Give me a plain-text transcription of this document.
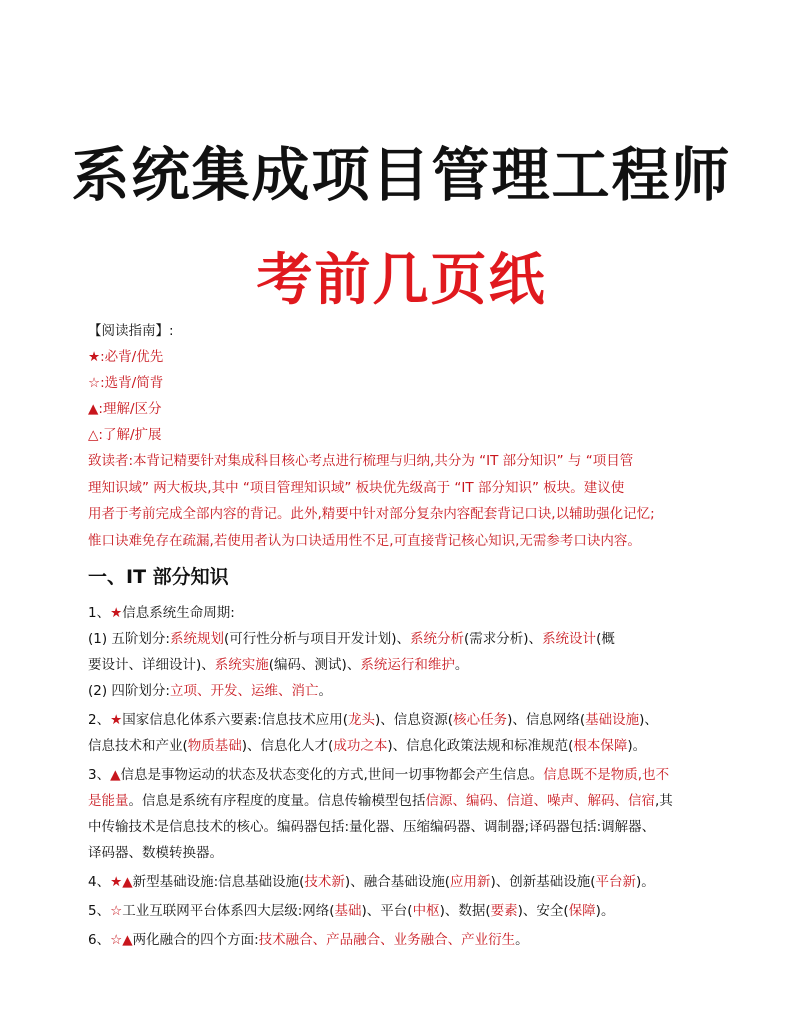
系统集成项目管理工程师
考前几页纸
【阅读指南】:
★:必背/优先
☆:选背/简背
▲:理解/区分
△:了解/扩展
致读者:本背记精要针对集成科目核心考点进行梳理与归纳,共分为 “IT 部分知识” 与 “项目管
理知识域” 两大板块,其中 “项目管理知识域” 板块优先级高于 “IT 部分知识” 板块。建议使
用者于考前完成全部内容的背记。此外,精要中针对部分复杂内容配套背记口诀,以辅助强化记忆;
惟口诀难免存在疏漏,若使用者认为口诀适用性不足,可直接背记核心知识,无需参考口诀内容。
一、IT 部分知识
1、★信息系统生命周期:
(1) 五阶划分:系统规划(可行性分析与项目开发计划)、系统分析(需求分析)、系统设计(概
要设计、详细设计)、系统实施(编码、测试)、系统运行和维护。
(2) 四阶划分:立项、开发、运维、消亡。
2、★国家信息化体系六要素:信息技术应用(龙头)、信息资源(核心任务)、信息网络(基础设施)、
信息技术和产业(物质基础)、信息化人才(成功之本)、信息化政策法规和标准规范(根本保障)。
3、▲信息是事物运动的状态及状态变化的方式,世间一切事物都会产生信息。信息既不是物质,也不
是能量。信息是系统有序程度的度量。信息传输模型包括信源、编码、信道、噪声、解码、信宿,其
中传输技术是信息技术的核心。编码器包括:量化器、压缩编码器、调制器;译码器包括:调解器、
译码器、数模转换器。
4、★▲新型基础设施:信息基础设施(技术新)、融合基础设施(应用新)、创新基础设施(平台新)。
5、☆工业互联网平台体系四大层级:网络(基础)、平台(中枢)、数据(要素)、安全(保障)。
6、☆▲两化融合的四个方面:技术融合、产品融合、业务融合、产业衍生。
